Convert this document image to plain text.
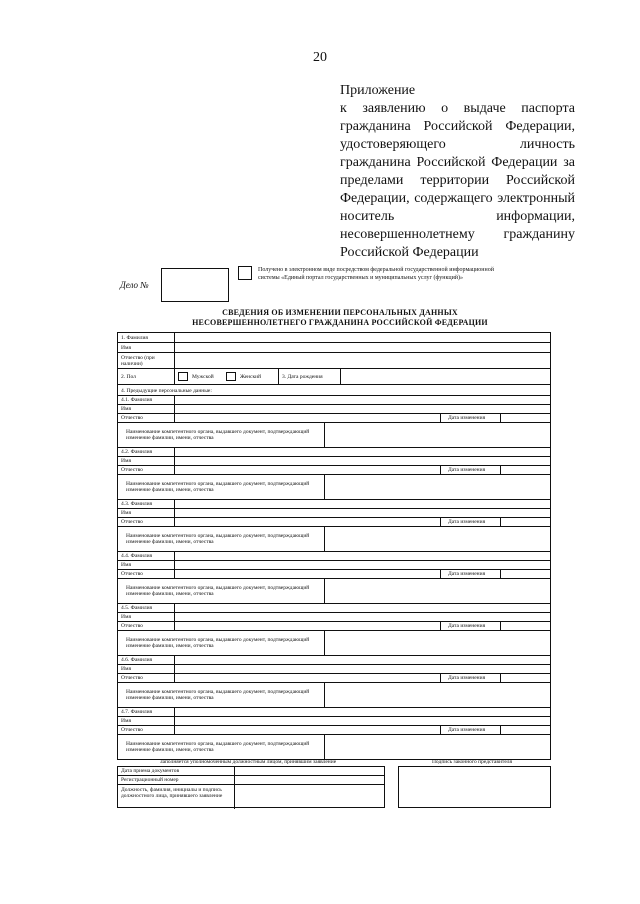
20
Приложение
к заявлению о выдаче паспорта гражданина Российской Федерации, удостоверяющего личность гражданина Российской Федерации за пределами территории Российской Федерации, содержащего электронный носитель информации, несовершеннолетнему гражданину Российской Федерации
Дело №
Получено в электронном виде посредством федеральной государственной информационной системы «Единый портал государственных и муниципальных услуг (функций)»
СВЕДЕНИЯ ОБ ИЗМЕНЕНИИ ПЕРСОНАЛЬНЫХ ДАННЫХ
НЕСОВЕРШЕННОЛЕТНЕГО ГРАЖДАНИНА РОССИЙСКОЙ ФЕДЕРАЦИИ
1. Фамилия
Имя
Отчество (при наличии)
2. Пол	Мужской	Женский	3. Дата рождения
4. Предыдущие персональные данные:
4.1. Фамилия
Имя
Отчество	Дата изменения
Наименование компетентного органа, выдавшего документ, подтверждающий изменение фамилии, имени, отчества
4.2. Фамилия
Имя
Отчество	Дата изменения
Наименование компетентного органа, выдавшего документ, подтверждающий изменение фамилии, имени, отчества
4.3. Фамилия
Имя
Отчество	Дата изменения
Наименование компетентного органа, выдавшего документ, подтверждающий изменение фамилии, имени, отчества
4.4. Фамилия
Имя
Отчество	Дата изменения
Наименование компетентного органа, выдавшего документ, подтверждающий изменение фамилии, имени, отчества
4.5. Фамилия
Имя
Отчество	Дата изменения
Наименование компетентного органа, выдавшего документ, подтверждающий изменение фамилии, имени, отчества
4.6. Фамилия
Имя
Отчество	Дата изменения
Наименование компетентного органа, выдавшего документ, подтверждающий изменение фамилии, имени, отчества
4.7. Фамилия
Имя
Отчество	Дата изменения
Наименование компетентного органа, выдавшего документ, подтверждающий изменение фамилии, имени, отчества
Заполняется уполномоченным должностным лицом, принявшим заявление
Дата приема документов
Регистрационный номер
Должность, фамилия, инициалы и подпись должностного лица, принявшего заявление
Подпись законного представителя
